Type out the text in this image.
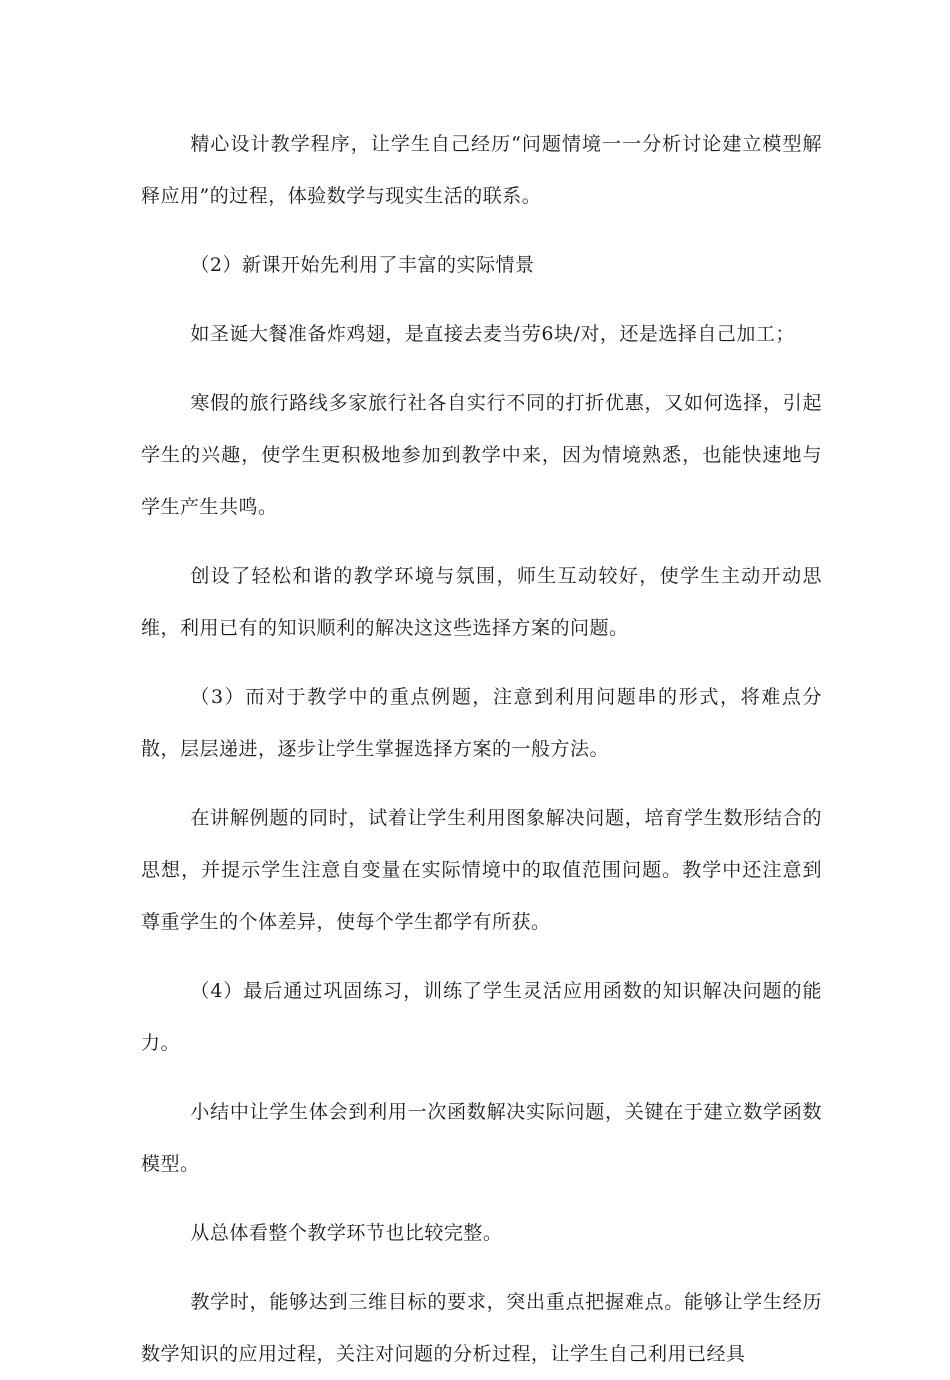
精心设计教学程序，让学生自己经历“问题情境一一分析讨论建立模型解释应用”的过程，体验数学与现实生活的联系。

（2）新课开始先利用了丰富的实际情景

如圣诞大餐准备炸鸡翅，是直接去麦当劳6块/对，还是选择自己加工；

寒假的旅行路线多家旅行社各自实行不同的打折优惠，又如何选择，引起学生的兴趣，使学生更积极地参加到教学中来，因为情境熟悉，也能快速地与学生产生共鸣。

创设了轻松和谐的教学环境与氛围，师生互动较好，使学生主动开动思维，利用已有的知识顺利的解决这这些选择方案的问题。

（3）而对于教学中的重点例题，注意到利用问题串的形式，将难点分散，层层递进，逐步让学生掌握选择方案的一般方法。

在讲解例题的同时，试着让学生利用图象解决问题，培育学生数形结合的思想，并提示学生注意自变量在实际情境中的取值范围问题。教学中还注意到尊重学生的个体差异，使每个学生都学有所获。

（4）最后通过巩固练习，训练了学生灵活应用函数的知识解决问题的能力。

小结中让学生体会到利用一次函数解决实际问题，关键在于建立数学函数模型。

从总体看整个教学环节也比较完整。

教学时，能够达到三维目标的要求，突出重点把握难点。能够让学生经历数学知识的应用过程，关注对问题的分析过程，让学生自己利用已经具
